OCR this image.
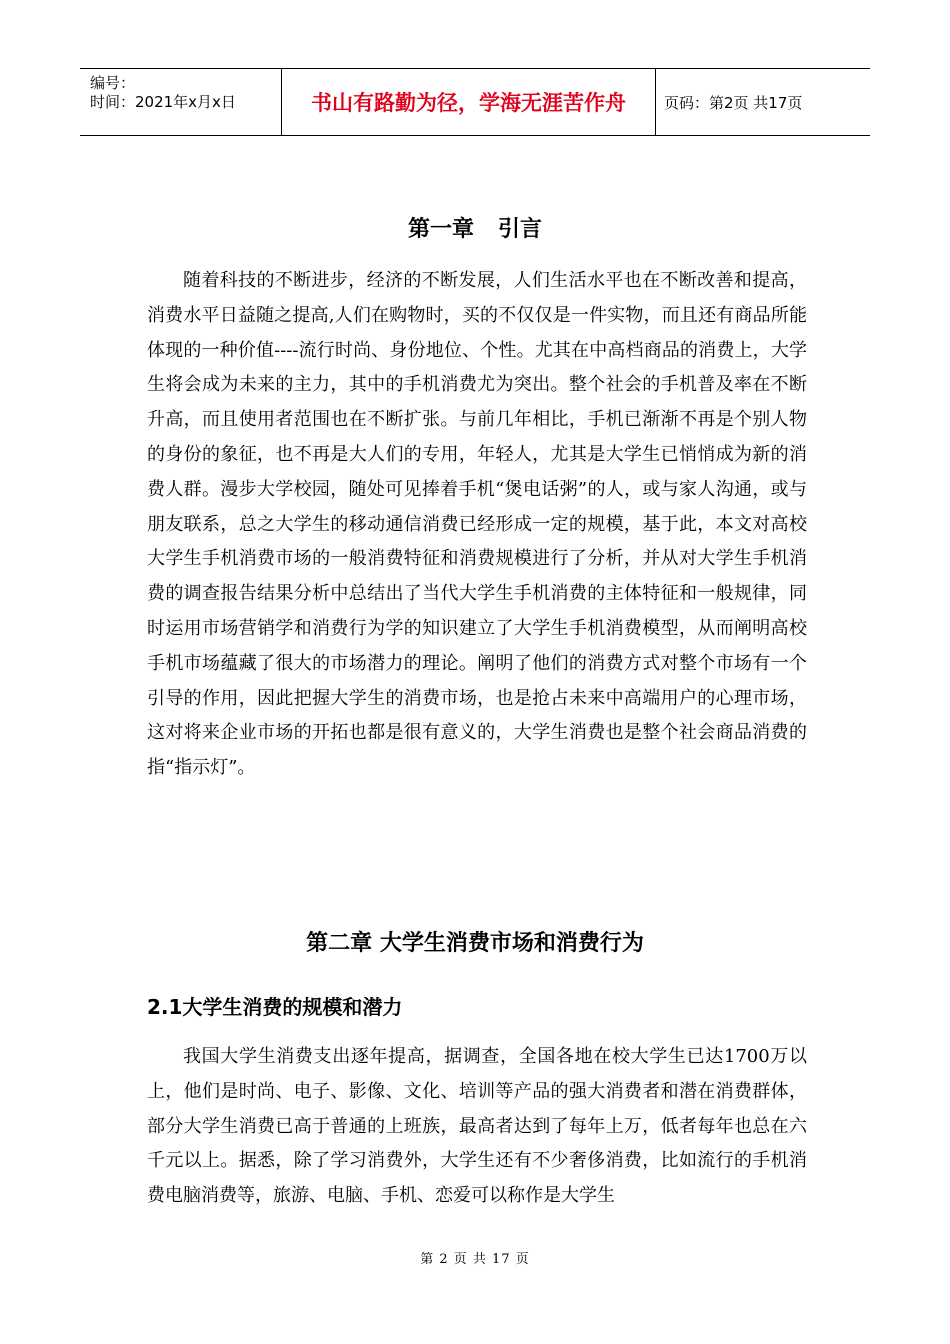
编号：
时间：2021年x月x日	书山有路勤为径，学海无涯苦作舟	页码：第2页 共17页
第一章 引言

随着科技的不断进步，经济的不断发展，人们生活水平也在不断改善和提高，消费水平日益随之提高,人们在购物时，买的不仅仅是一件实物，而且还有商品所能体现的一种价值----流行时尚、身份地位、个性。尤其在中高档商品的消费上，大学生将会成为未来的主力，其中的手机消费尤为突出。整个社会的手机普及率在不断升高，而且使用者范围也在不断扩张。与前几年相比，手机已渐渐不再是个别人物的身份的象征，也不再是大人们的专用，年轻人，尤其是大学生已悄悄成为新的消费人群。漫步大学校园，随处可见捧着手机“煲电话粥”的人，或与家人沟通，或与朋友联系，总之大学生的移动通信消费已经形成一定的规模，基于此，本文对高校大学生手机消费市场的一般消费特征和消费规模进行了分析，并从对大学生手机消费的调查报告结果分析中总结出了当代大学生手机消费的主体特征和一般规律，同时运用市场营销学和消费行为学的知识建立了大学生手机消费模型，从而阐明高校手机市场蕴藏了很大的市场潜力的理论。阐明了他们的消费方式对整个市场有一个引导的作用，因此把握大学生的消费市场，也是抢占未来中高端用户的心理市场，这对将来企业市场的开拓也都是很有意义的，大学生消费也是整个社会商品消费的指“指示灯”。

第二章 大学生消费市场和消费行为
2.1大学生消费的规模和潜力

我国大学生消费支出逐年提高，据调查，全国各地在校大学生已达1700万以上，他们是时尚、电子、影像、文化、培训等产品的强大消费者和潜在消费群体，部分大学生消费已高于普通的上班族，最高者达到了每年上万，低者每年也总在六千元以上。据悉，除了学习消费外，大学生还有不少奢侈消费，比如流行的手机消费电脑消费等，旅游、电脑、手机、恋爱可以称作是大学生

第 2 页 共 17 页
